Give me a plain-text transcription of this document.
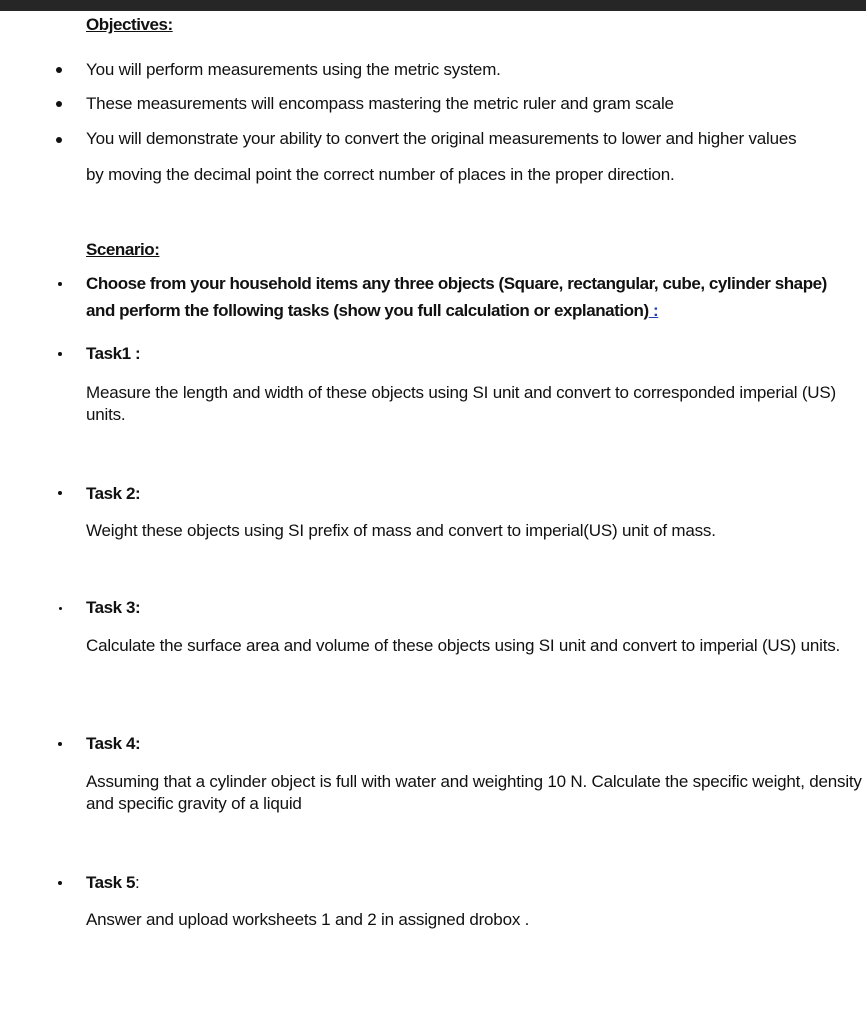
Objectives:
You will perform measurements using the metric system.
These measurements will encompass mastering the metric ruler and gram scale
You will demonstrate your ability to convert the original measurements to lower and higher values
by moving the decimal point the correct number of places in the proper direction.
Scenario:
Choose from your household items any three objects (Square, rectangular, cube, cylinder shape)
and perform the following tasks (show you full calculation or explanation) :
Task1 :
Measure the length and width of these objects using SI unit and convert to corresponded imperial (US) units.
Task 2:
Weight these objects using SI prefix of mass and convert to imperial(US) unit of mass.
Task 3:
Calculate the surface area and volume of these objects using SI unit and convert to imperial (US) units.
Task 4:
Assuming that a cylinder object is full with water and weighting 10 N. Calculate the specific weight, density and specific gravity of a liquid
Task 5:
Answer and upload worksheets 1 and 2 in assigned drobox .
